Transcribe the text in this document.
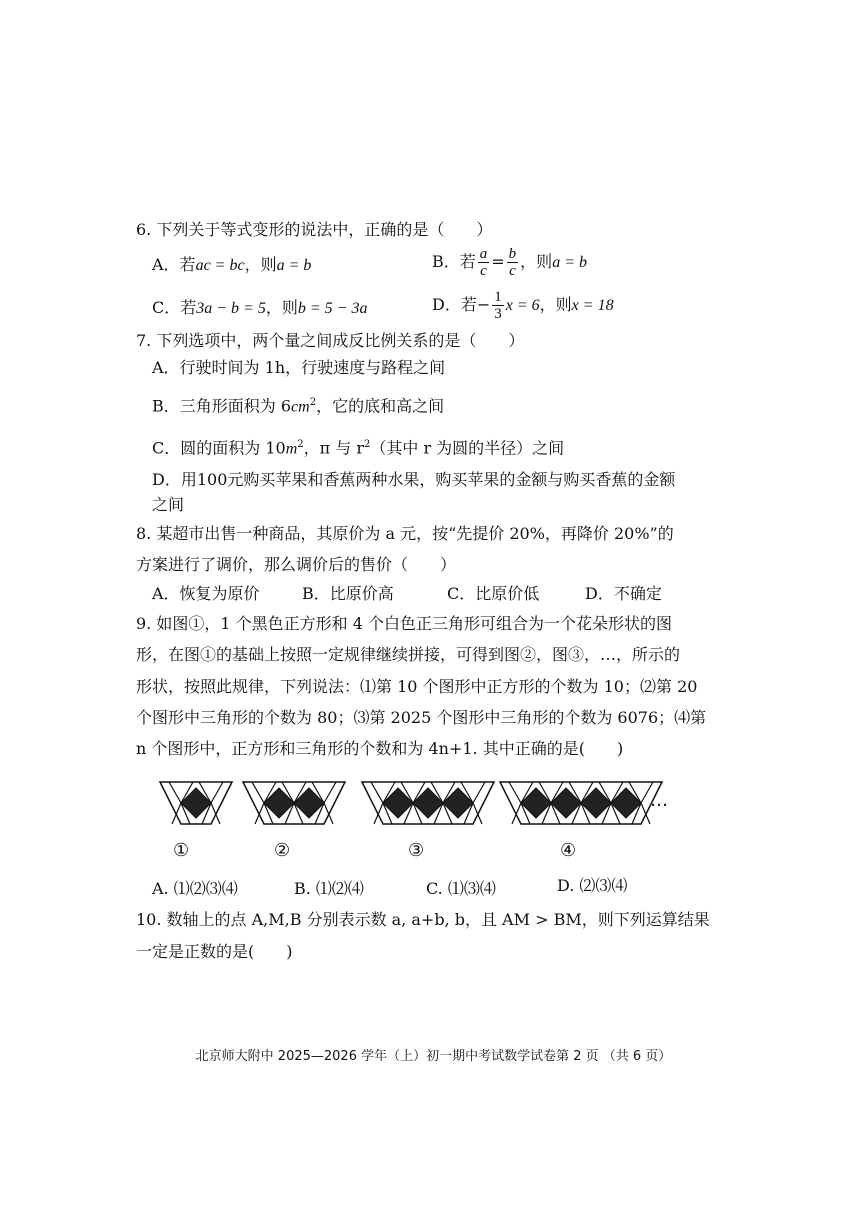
6. 下列关于等式变形的说法中，正确的是（　　）
A．若ac = bc，则a = b	B．若 $\frac{a}{c} = \frac{b}{c}$ ，则a = b
C．若3a − b = 5，则b = 5 − 3a	D．若− $\frac{1}{3}$ x = 6，则x = 18
7. 下列选项中，两个量之间成反比例关系的是（　　）
A．行驶时间为 1h，行驶速度与路程之间
B．三角形面积为 $6cm^2$，它的底和高之间
C．圆的面积为 $10m^2$，π 与 $r^2$（其中 r 为圆的半径）之间
D．用100元购买苹果和香蕉两种水果，购买苹果的金额与购买香蕉的金额
之间
8. 某超市出售一种商品，其原价为 a 元，按“先提价 20%，再降价 20%”的
方案进行了调价，那么调价后的售价（　　）
A．恢复为原价	B．比原价高	C．比原价低	D．不确定
9. 如图①，1 个黑色正方形和 4 个白色正三角形可组合为一个花朵形状的图
形，在图①的基础上按照一定规律继续拼接，可得到图②，图③，…，所示的
形状，按照此规律，下列说法：⑴第 10 个图形中正方形的个数为 10；⑵第 20
个图形中三角形的个数为 80；⑶第 2025 个图形中三角形的个数为 6076；⑷第
n 个图形中，正方形和三角形的个数和为 4n+1. 其中正确的是(　　)
①	②	③	④
…
A. ⑴⑵⑶⑷	B. ⑴⑵⑷	C. ⑴⑶⑷	D. ⑵⑶⑷
10. 数轴上的点 A,M,B 分别表示数 a, a+b, b，且 AM > BM，则下列运算结果
一定是正数的是(　　)
北京师大附中 2025—2026 学年（上）初一期中考试数学试卷第 2 页 （共 6 页）
